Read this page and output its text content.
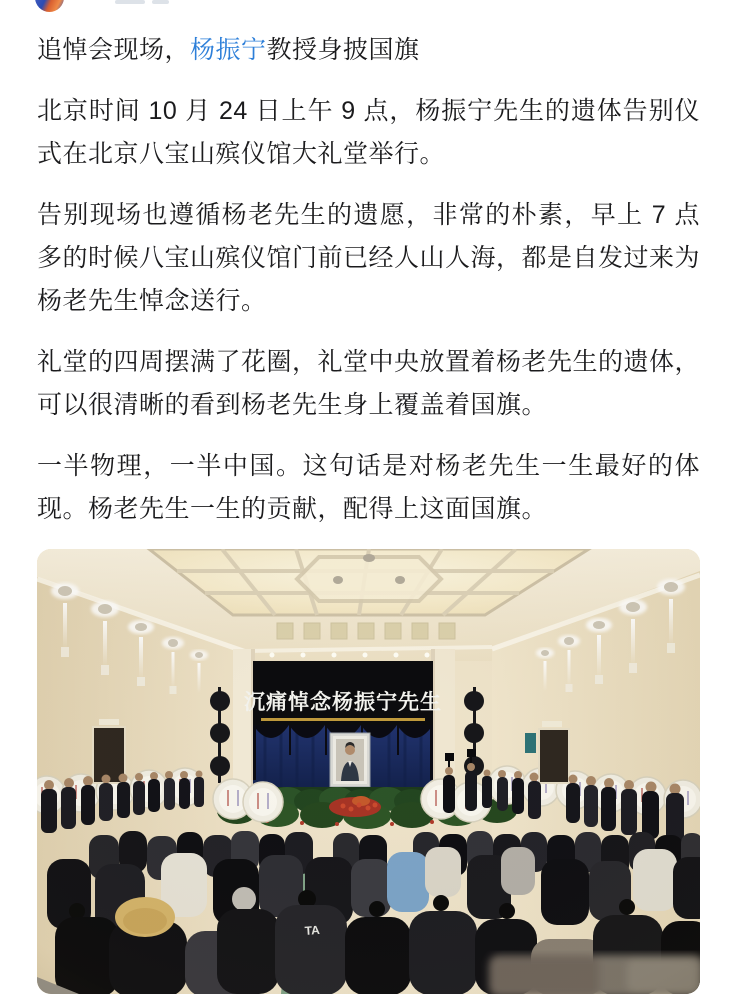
追悼会现场，杨振宁教授身披国旗

北京时间 10 月 24 日上午 9 点，杨振宁先生的遗体告别仪式在北京八宝山殡仪馆大礼堂举行。

告别现场也遵循杨老先生的遗愿，非常的朴素，早上 7 点多的时候八宝山殡仪馆门前已经人山人海，都是自发过来为杨老先生悼念送行。

礼堂的四周摆满了花圈，礼堂中央放置着杨老先生的遗体，可以很清晰的看到杨老先生身上覆盖着国旗。

一半物理，一半中国。这句话是对杨老先生一生最好的体现。杨老先生一生的贡献，配得上这面国旗。
